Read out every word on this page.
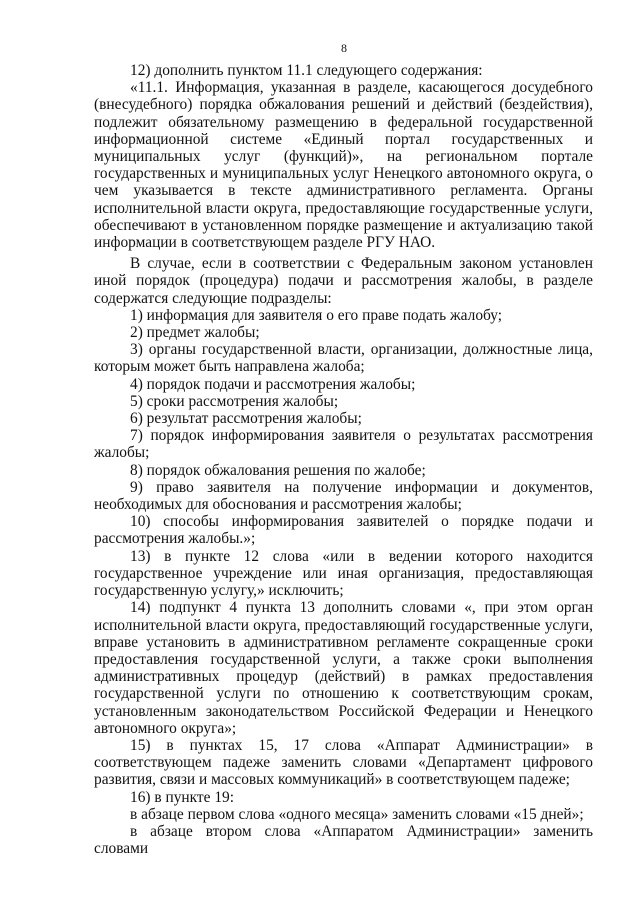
8

12) дополнить пунктом 11.1 следующего содержания:

«11.1. Информация, указанная в разделе, касающегося досудебного (внесудебного) порядка обжалования решений и действий (бездействия), подлежит обязательному размещению в федеральной государственной информационной системе «Единый портал государственных и муниципальных услуг (функций)», на региональном портале государственных и муниципальных услуг Ненецкого автономного округа, о чем указывается в тексте административного регламента. Органы исполнительной власти округа, предоставляющие государственные услуги, обеспечивают в установленном порядке размещение и актуализацию такой информации в соответствующем разделе РГУ НАО.

В случае, если в соответствии с Федеральным законом установлен иной порядок (процедура) подачи и рассмотрения жалобы, в разделе содержатся следующие подразделы:

1) информация для заявителя о его праве подать жалобу;

2) предмет жалобы;

3) органы государственной власти, организации, должностные лица, которым может быть направлена жалоба;

4) порядок подачи и рассмотрения жалобы;

5) сроки рассмотрения жалобы;

6) результат рассмотрения жалобы;

7) порядок информирования заявителя о результатах рассмотрения жалобы;

8) порядок обжалования решения по жалобе;

9) право заявителя на получение информации и документов, необходимых для обоснования и рассмотрения жалобы;

10) способы информирования заявителей о порядке подачи и рассмотрения жалобы.»;

13) в пункте 12 слова «или в ведении которого находится государственное учреждение или иная организация, предоставляющая государственную услугу,» исключить;

14) подпункт 4 пункта 13 дополнить словами «, при этом орган исполнительной власти округа, предоставляющий государственные услуги, вправе установить в административном регламенте сокращенные сроки предоставления государственной услуги, а также сроки выполнения административных процедур (действий) в рамках предоставления государственной услуги по отношению к соответствующим срокам, установленным законодательством Российской Федерации и Ненецкого автономного округа»;

15) в пунктах 15, 17 слова «Аппарат Администрации» в соответствующем падеже заменить словами «Департамент цифрового развития, связи и массовых коммуникаций» в соответствующем падеже;

16) в пункте 19:

в абзаце первом слова «одного месяца» заменить словами «15 дней»;

в абзаце втором слова «Аппаратом Администрации» заменить словами
